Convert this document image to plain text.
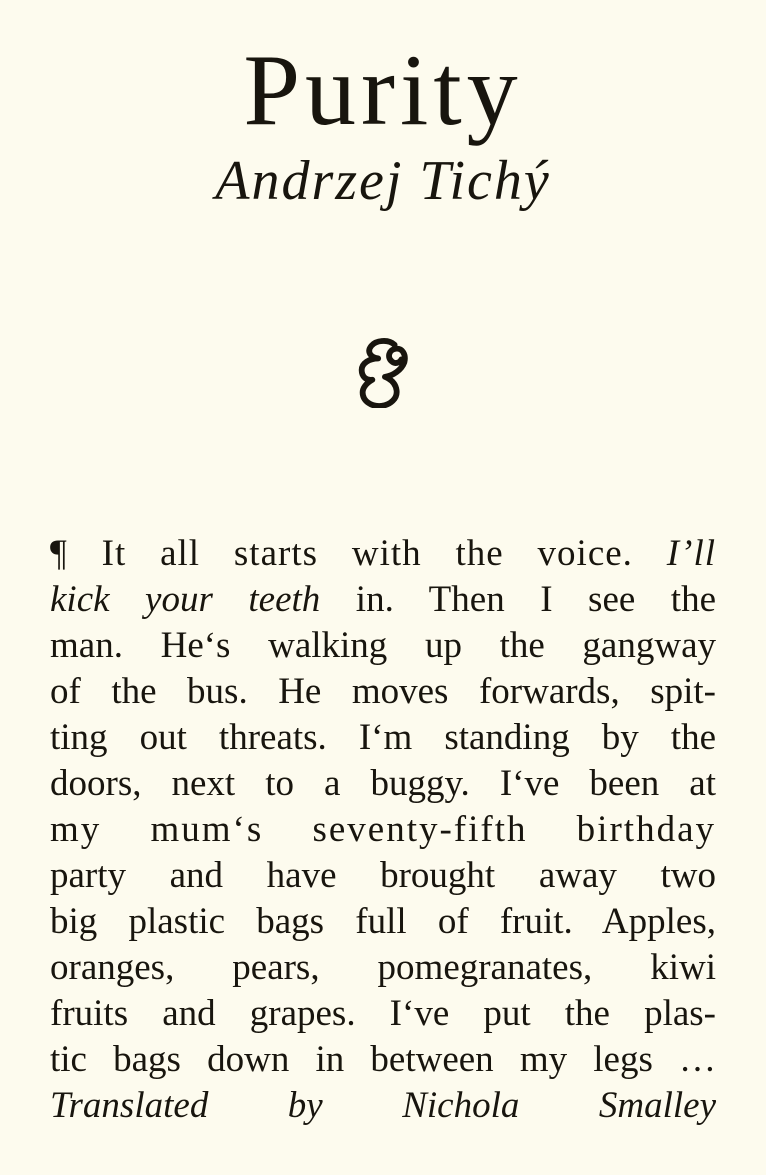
Purity
Andrzej Tichý
¶ It all starts with the voice. I’ll
kick your teeth in. Then I see the
man. He‘s walking up the gangway
of the bus. He moves forwards, spit-
ting out threats. I‘m standing by the
doors, next to a buggy. I‘ve been at
my mum‘s seventy-fifth birthday
party and have brought away two
big plastic bags full of fruit. Apples,
oranges, pears, pomegranates, kiwi
fruits and grapes. I‘ve put the plas-
tic bags down in between my legs …
Translated by Nichola Smalley
